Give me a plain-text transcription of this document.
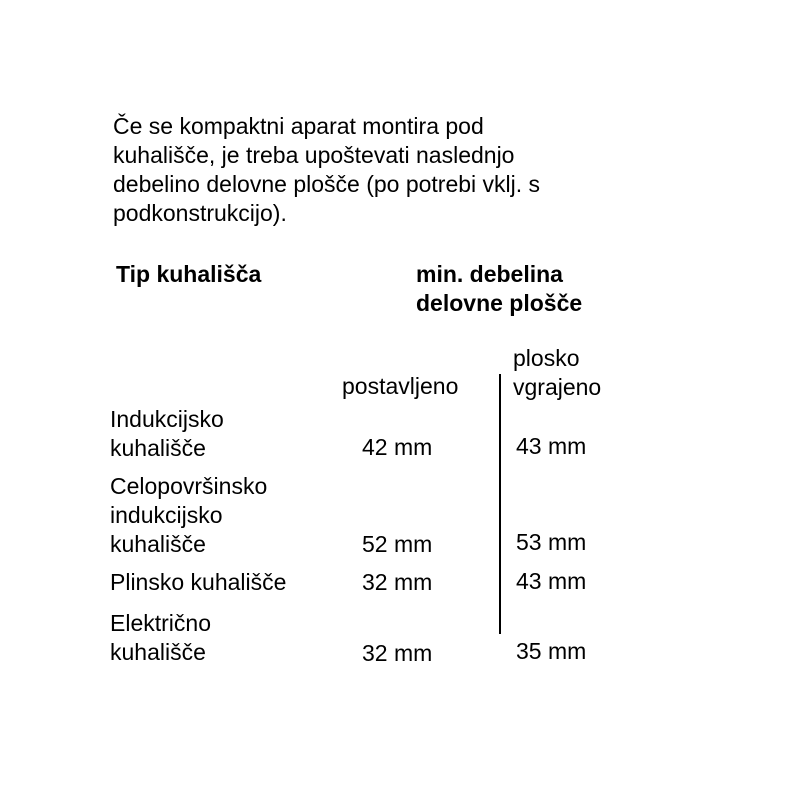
Če se kompaktni aparat montira pod
kuhališče, je treba upoštevati naslednjo
debelino delovne plošče (po potrebi vklj. s
podkonstrukcijo).
Tip kuhališča	min. debelina
delovne plošče
postavljeno
plosko
vgrajeno
Indukcijsko
kuhališče	42 mm	43 mm
Celopovršinsko
indukcijsko
kuhališče	52 mm	53 mm
Plinsko kuhališče	32 mm	43 mm
Električno
kuhališče	32 mm	35 mm
